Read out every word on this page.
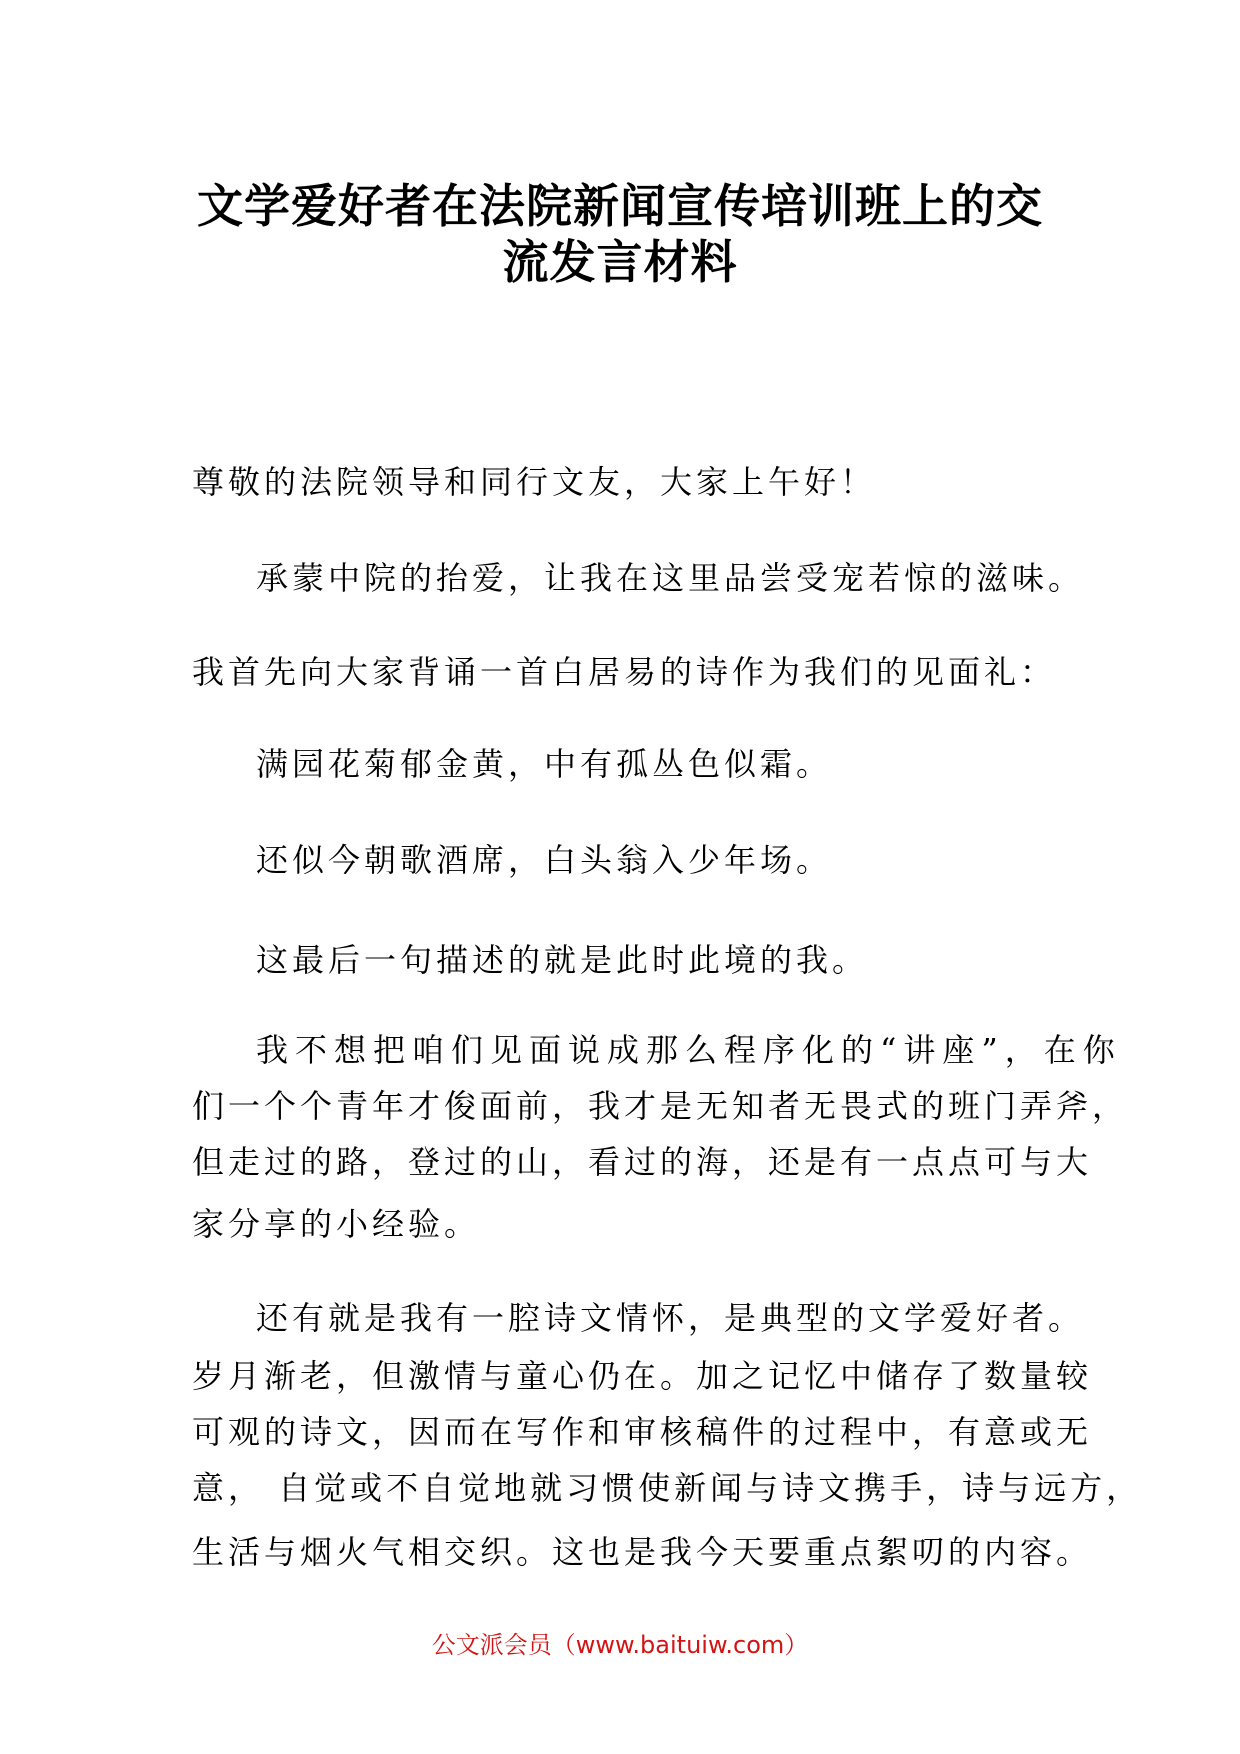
文学爱好者在法院新闻宣传培训班上的交
流发言材料
尊敬的法院领导和同行文友，大家上午好！
承蒙中院的抬爱，让我在这里品尝受宠若惊的滋味。
我首先向大家背诵一首白居易的诗作为我们的见面礼：
满园花菊郁金黄，中有孤丛色似霜。
还似今朝歌酒席，白头翁入少年场。
这最后一句描述的就是此时此境的我。
我不想把咱们见面说成那么程序化的“讲座”，在你
们一个个青年才俊面前，我才是无知者无畏式的班门弄斧，
但走过的路，登过的山，看过的海，还是有一点点可与大
家分享的小经验。
还有就是我有一腔诗文情怀，是典型的文学爱好者。
岁月渐老，但激情与童心仍在。加之记忆中储存了数量较
可观的诗文，因而在写作和审核稿件的过程中，有意或无
意， 自觉或不自觉地就习惯使新闻与诗文携手，诗与远方，
生活与烟火气相交织。这也是我今天要重点絮叨的内容。
公文派会员（www.baituiw.com）
